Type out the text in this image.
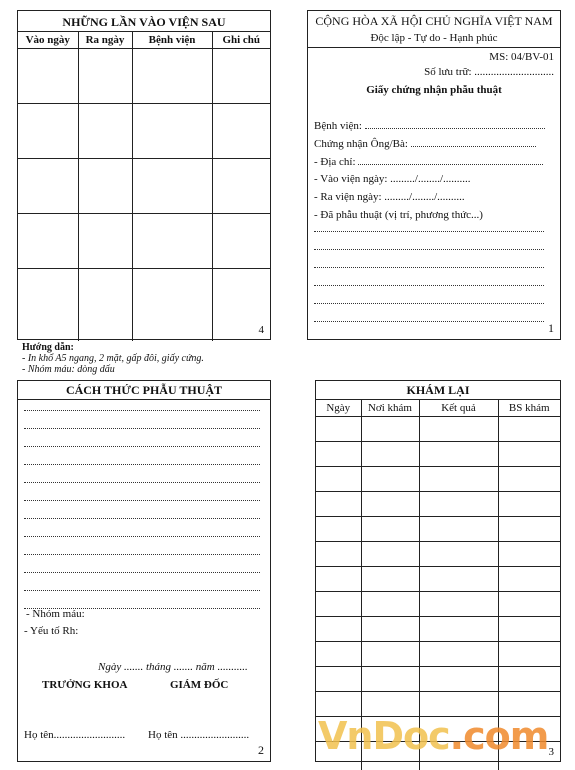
NHỮNG LẦN VÀO VIỆN SAU
Vào ngày	Ra ngày	Bệnh viện	Ghi chú

4
CỘNG HÒA XÃ HỘI CHỦ NGHĨA VIỆT NAM
Độc lập - Tự do - Hạnh phúc
MS: 04/BV-01
Số lưu trữ: .............................
Giấy chứng nhận phẫu thuật
Bệnh viện:
Chứng nhận Ông/Bà:
- Địa chỉ:
- Vào viện ngày: ........./......../..........
- Ra viện ngày: ........./......../..........
- Đã phẫu thuật (vị trí, phương thức...)
1
Hướng dẫn:
- In khổ A5 ngang, 2 mặt, gấp đôi, giấy cứng.
- Nhóm máu: dòng dấu
CÁCH THỨC PHẪU THUẬT
- Nhóm máu:
- Yếu tố Rh:
Ngày ....... tháng ....... năm ...........
TRƯỞNG KHOA	GIÁM ĐỐC
Họ tên.......................... Họ tên .........................
2
KHÁM LẠI
Ngày	Nơi khám	Kết quả	BS khám

3
VnDoc.com
